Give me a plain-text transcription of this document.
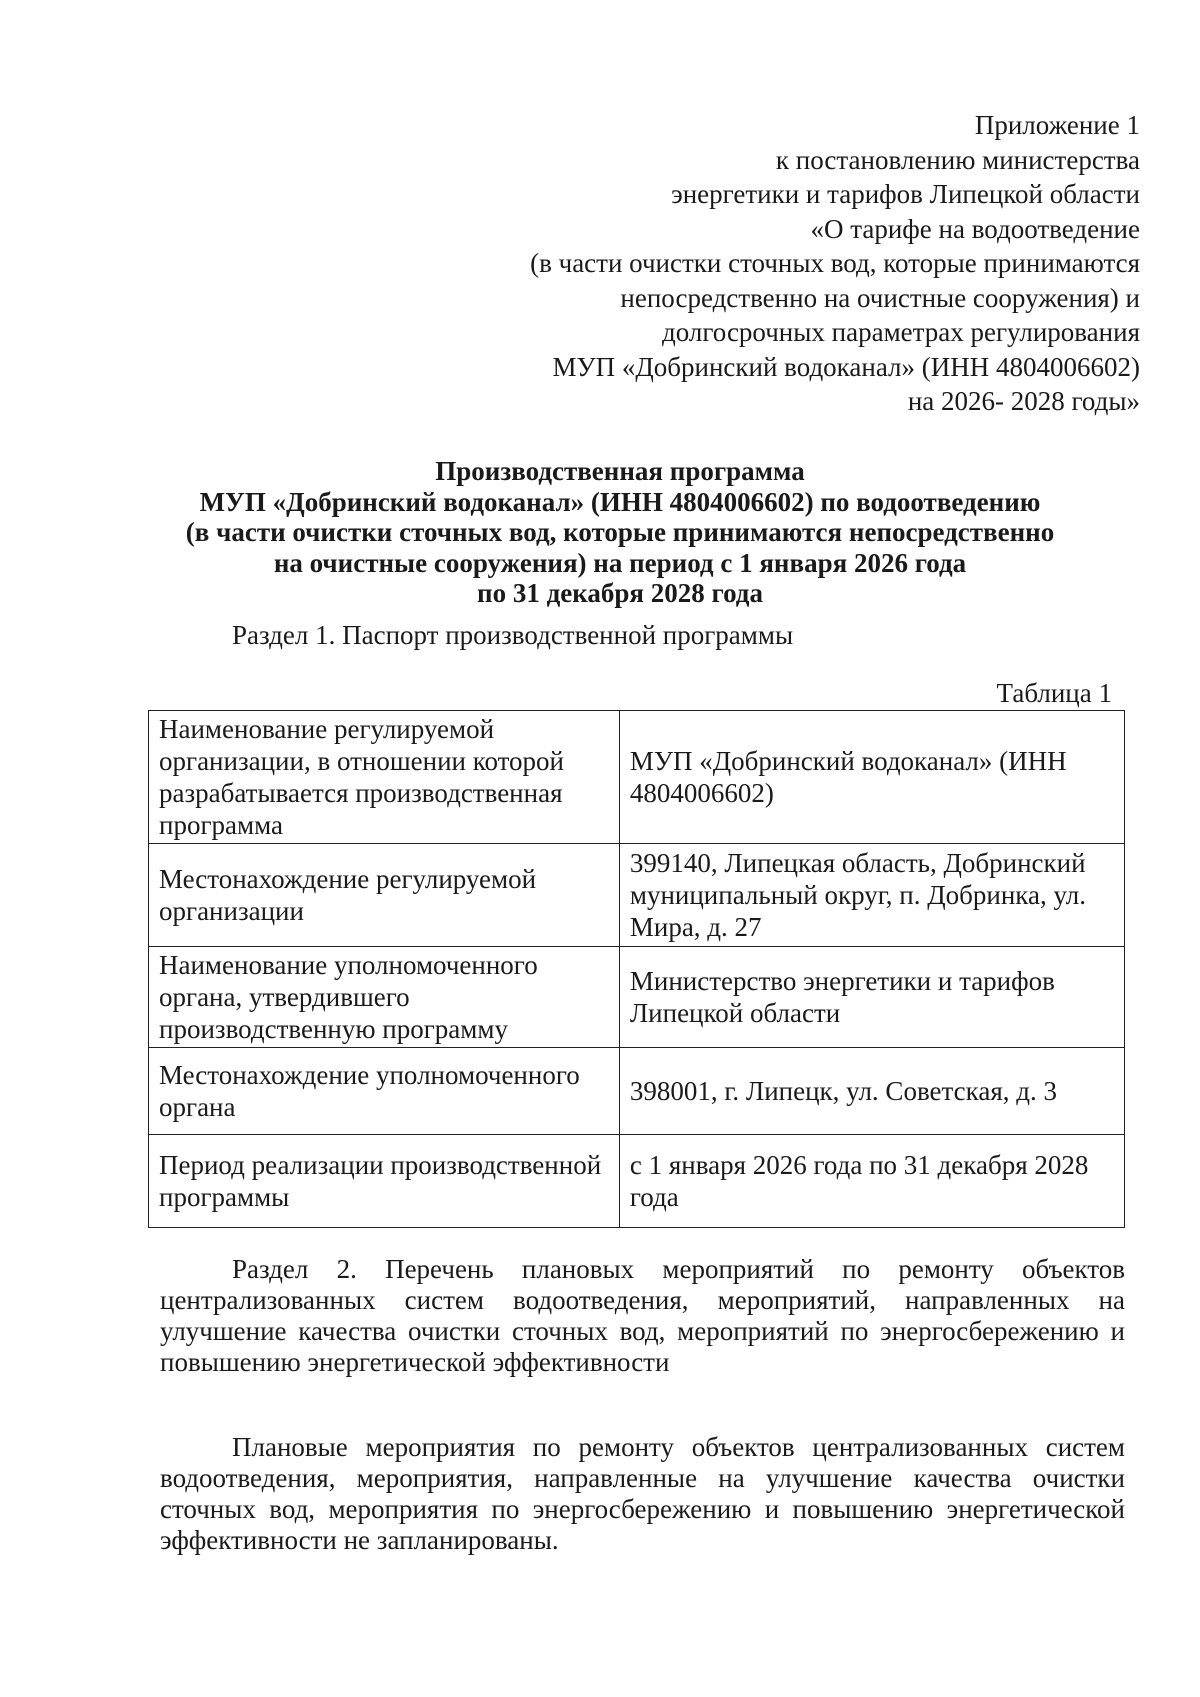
Приложение 1
к постановлению министерства
энергетики и тарифов Липецкой области
«О тарифе на водоотведение
(в части очистки сточных вод, которые принимаются
непосредственно на очистные сооружения) и
долгосрочных параметрах регулирования
МУП «Добринский водоканал» (ИНН 4804006602)
на 2026- 2028 годы»
Производственная программа
МУП «Добринский водоканал» (ИНН 4804006602) по водоотведению
(в части очистки сточных вод, которые принимаются непосредственно
на очистные сооружения) на период с 1 января 2026 года
по 31 декабря 2028 года
Раздел 1. Паспорт производственной программы
Таблица 1
Наименование регулируемой организации, в отношении которой разрабатывается производственная программа	МУП «Добринский водоканал» (ИНН 4804006602)
Местонахождение регулируемой организации	399140, Липецкая область, Добринский муниципальный округ, п. Добринка, ул. Мира, д. 27
Наименование уполномоченного органа, утвердившего производственную программу	Министерство энергетики и тарифов Липецкой области
Местонахождение уполномоченного органа	398001, г. Липецк, ул. Советская, д. 3
Период реализации производственной программы	с 1 января 2026 года по 31 декабря 2028 года
Раздел 2. Перечень плановых мероприятий по ремонту объектов централизованных систем водоотведения, мероприятий, направленных на улучшение качества очистки сточных вод, мероприятий по энергосбережению и повышению энергетической эффективности
Плановые мероприятия по ремонту объектов централизованных систем водоотведения, мероприятия, направленные на улучшение качества очистки сточных вод, мероприятия по энергосбережению и повышению энергетической эффективности не запланированы.
